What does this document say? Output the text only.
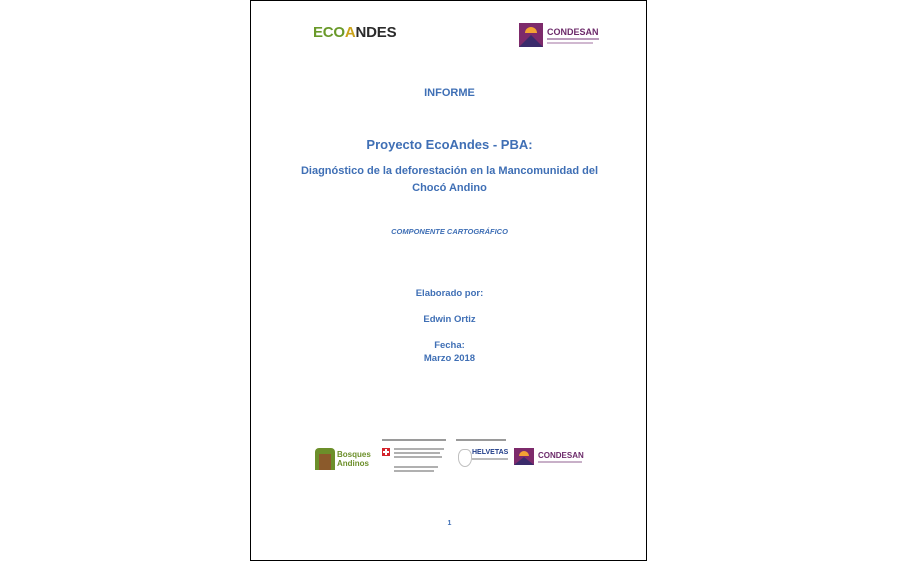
ECOANDES	CONDESAN
INFORME
Proyecto EcoAndes - PBA:
Diagnóstico de la deforestación en la Mancomunidad del
Chocó Andino
COMPONENTE CARTOGRÁFICO
Elaborado por:
Edwin Ortiz
Fecha:
Marzo 2018
Bosques
Andinos
HELVETAS	CONDESAN
1
